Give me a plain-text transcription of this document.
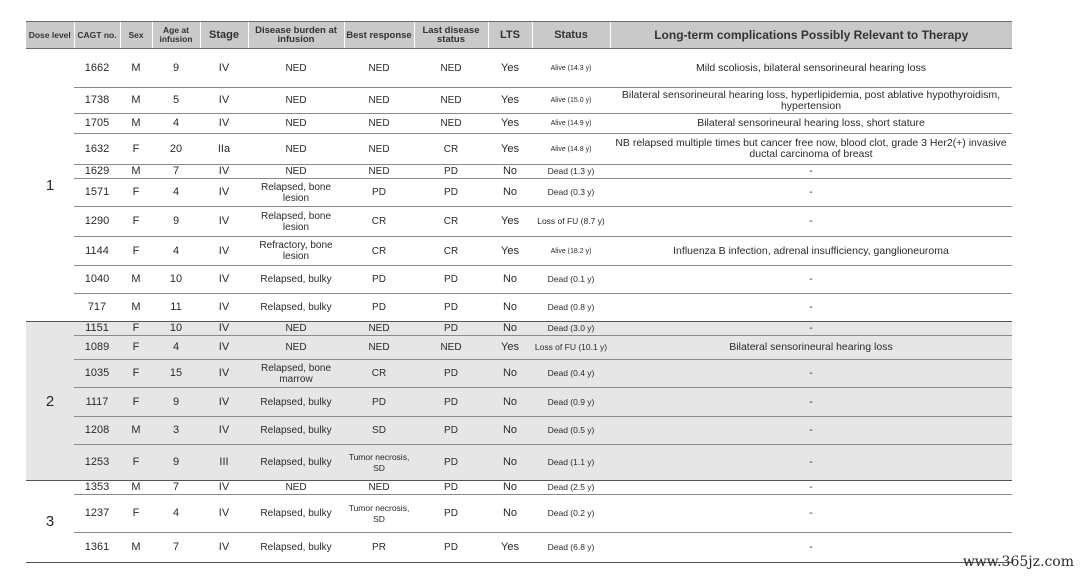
Dose level	CAGT no.	Sex	Age at infusion	Stage	Disease burden at infusion	Best response	Last disease status	LTS	Status	Long-term complications Possibly Relevant to Therapy
1	1662	M	9	IV	NED	NED	NED	Yes	Alive (14.3 y)	Mild scoliosis, bilateral sensorineural hearing loss
	1738	M	5	IV	NED	NED	NED	Yes	Alive (15.0 y)	Bilateral sensorineural hearing loss, hyperlipidemia, post ablative hypothyroidism, hypertension
	1705	M	4	IV	NED	NED	NED	Yes	Alive (14.9 y)	Bilateral sensorineural hearing loss, short stature
	1632	F	20	IIa	NED	NED	CR	Yes	Alive (14.8 y)	NB relapsed multiple times but cancer free now, blood clot, grade 3 Her2(+) invasive ductal carcinoma of breast
	1629	M	7	IV	NED	NED	PD	No	Dead (1.3 y)	-
	1571	F	4	IV	Relapsed, bone lesion	PD	PD	No	Dead (0.3 y)	-
	1290	F	9	IV	Relapsed, bone lesion	CR	CR	Yes	Loss of FU (8.7 y)	-
	1144	F	4	IV	Refractory, bone lesion	CR	CR	Yes	Alive (18.2 y)	Influenza B infection, adrenal insufficiency, ganglioneuroma
	1040	M	10	IV	Relapsed, bulky	PD	PD	No	Dead (0.1 y)	-
	717	M	11	IV	Relapsed, bulky	PD	PD	No	Dead (0.8 y)	-
2	1151	F	10	IV	NED	NED	PD	No	Dead (3.0 y)	-
	1089	F	4	IV	NED	NED	NED	Yes	Loss of FU (10.1 y)	Bilateral sensorineural hearing loss
	1035	F	15	IV	Relapsed, bone marrow	CR	PD	No	Dead (0.4 y)	-
	1117	F	9	IV	Relapsed, bulky	PD	PD	No	Dead (0.9 y)	-
	1208	M	3	IV	Relapsed, bulky	SD	PD	No	Dead (0.5 y)	-
	1253	F	9	III	Relapsed, bulky	Tumor necrosis, SD	PD	No	Dead (1.1 y)	-
3	1353	M	7	IV	NED	NED	PD	No	Dead (2.5 y)	-
	1237	F	4	IV	Relapsed, bulky	Tumor necrosis, SD	PD	No	Dead (0.2 y)	-
	1361	M	7	IV	Relapsed, bulky	PR	PD	Yes	Dead (6.8 y)	-
www.365jz.com
